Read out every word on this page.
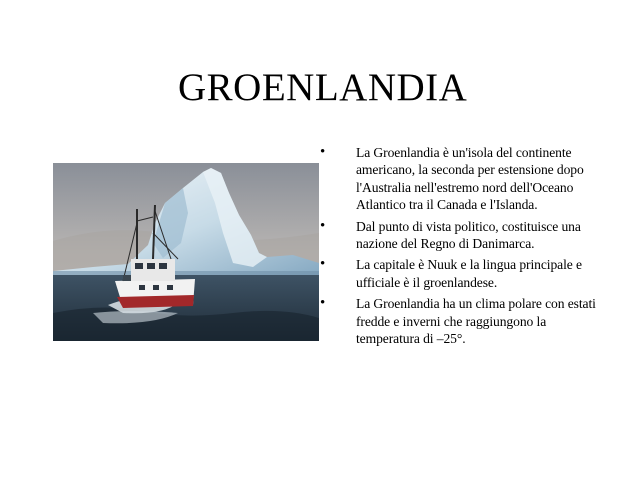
GROENLANDIA
• La Groenlandia è un'isola del continente americano, la seconda per estensione dopo l'Australia nell'estremo nord dell'Oceano Atlantico tra il Canada e l'Islanda.
• Dal punto di vista politico, costituisce una nazione del Regno di Danimarca.
• La capitale è Nuuk e la lingua principale e ufficiale è il groenlandese.
• La Groenlandia ha un clima polare con estati fredde e inverni che raggiungono la temperatura di –25°.
